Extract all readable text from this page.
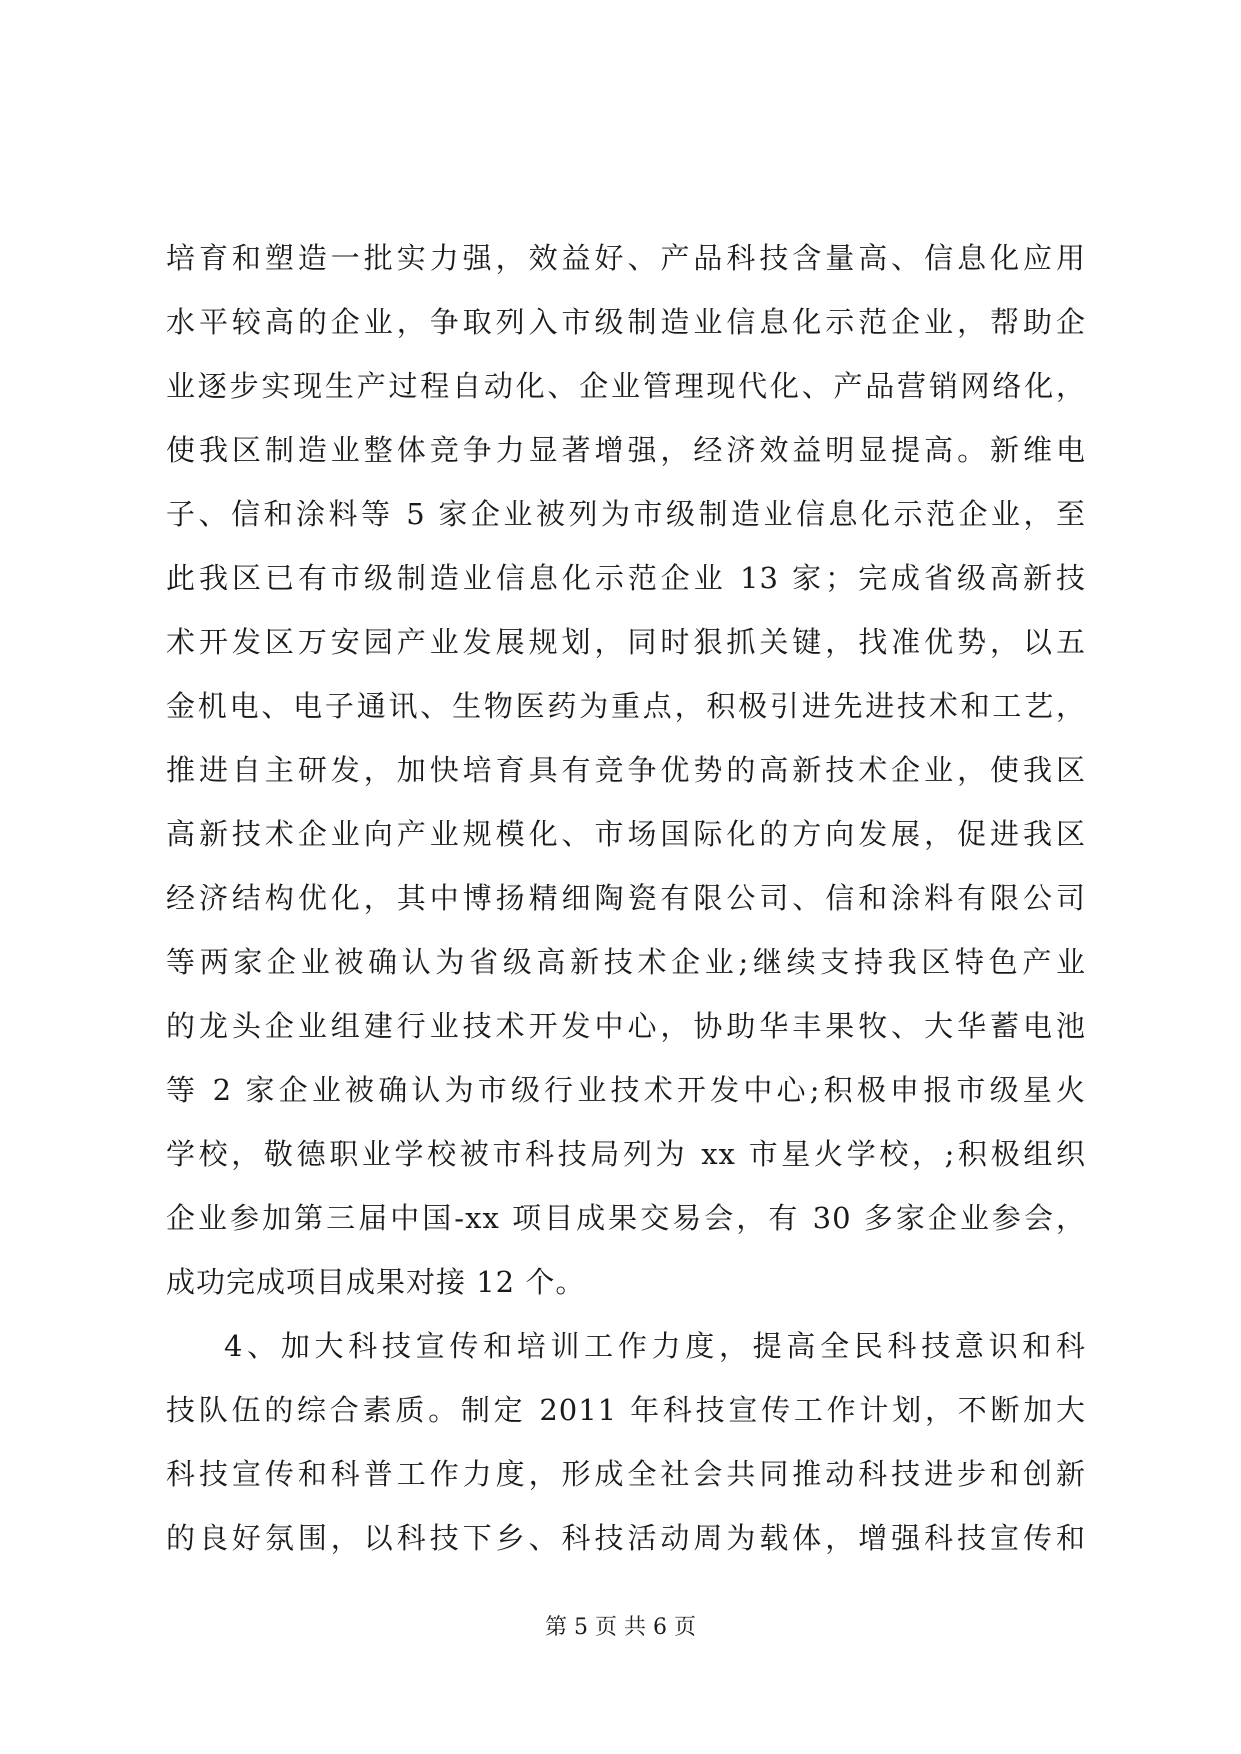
培育和塑造一批实力强，效益好、产品科技含量高、信息化应用
水平较高的企业，争取列入市级制造业信息化示范企业，帮助企
业逐步实现生产过程自动化、企业管理现代化、产品营销网络化，
使我区制造业整体竞争力显著增强，经济效益明显提高。新维电
子、信和涂料等 5 家企业被列为市级制造业信息化示范企业，至
此我区已有市级制造业信息化示范企业 13 家；完成省级高新技
术开发区万安园产业发展规划，同时狠抓关键，找准优势，以五
金机电、电子通讯、生物医药为重点，积极引进先进技术和工艺，
推进自主研发，加快培育具有竞争优势的高新技术企业，使我区
高新技术企业向产业规模化、市场国际化的方向发展，促进我区
经济结构优化，其中博扬精细陶瓷有限公司、信和涂料有限公司
等两家企业被确认为省级高新技术企业;继续支持我区特色产业
的龙头企业组建行业技术开发中心，协助华丰果牧、大华蓄电池
等 2 家企业被确认为市级行业技术开发中心;积极申报市级星火
学校，敬德职业学校被市科技局列为 xx 市星火学校，;积极组织
企业参加第三届中国-xx 项目成果交易会，有 30 多家企业参会，
成功完成项目成果对接 12 个。
4、加大科技宣传和培训工作力度，提高全民科技意识和科
技队伍的综合素质。制定 2011 年科技宣传工作计划，不断加大
科技宣传和科普工作力度，形成全社会共同推动科技进步和创新
的良好氛围，以科技下乡、科技活动周为载体，增强科技宣传和
第 5 页 共 6 页
